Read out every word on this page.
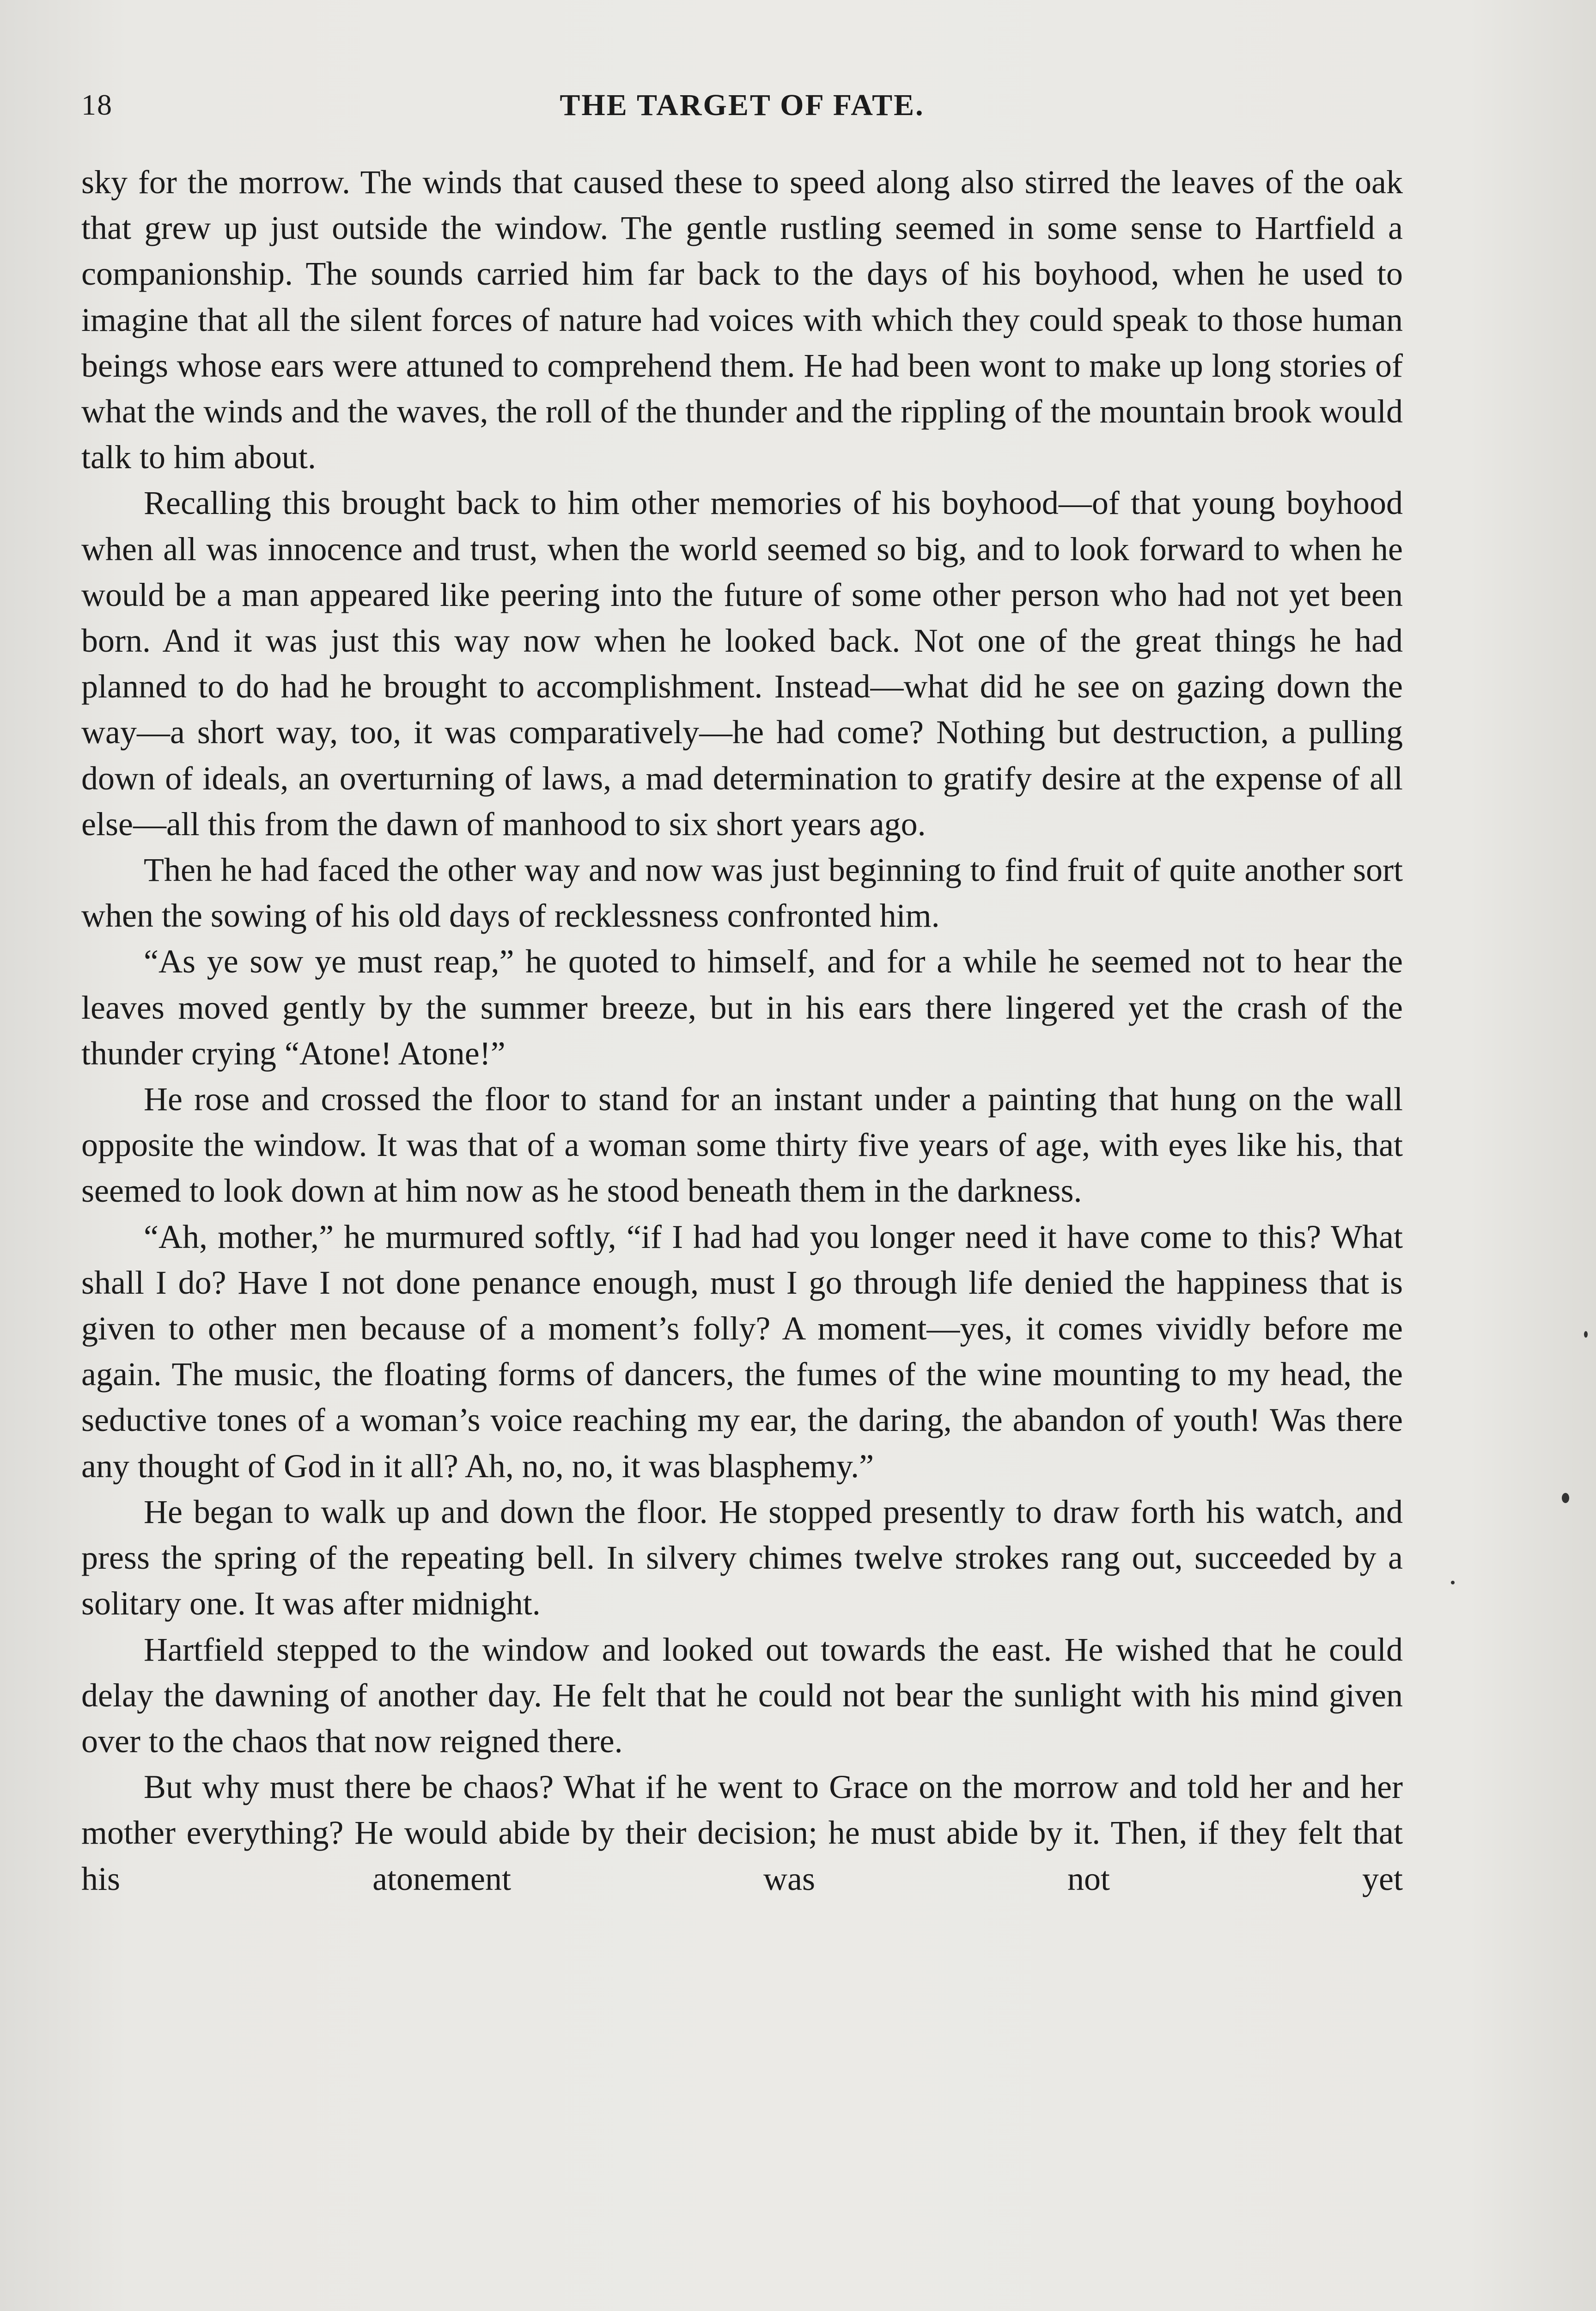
18	THE TARGET OF FATE.

sky for the morrow. The winds that caused these to speed along also stirred the leaves of the oak that grew up just outside the window. The gentle rustling seemed in some sense to Hartfield a companionship. The sounds carried him far back to the days of his boyhood, when he used to imagine that all the silent forces of nature had voices with which they could speak to those human beings whose ears were attuned to comprehend them. He had been wont to make up long stories of what the winds and the waves, the roll of the thunder and the rippling of the mountain brook would talk to him about.

Recalling this brought back to him other memories of his boyhood—of that young boyhood when all was innocence and trust, when the world seemed so big, and to look forward to when he would be a man appeared like peering into the future of some other person who had not yet been born. And it was just this way now when he looked back. Not one of the great things he had planned to do had he brought to accomplishment. Instead—what did he see on gazing down the way—a short way, too, it was comparatively—he had come? Nothing but destruction, a pulling down of ideals, an overturning of laws, a mad determination to gratify desire at the expense of all else—all this from the dawn of manhood to six short years ago.

Then he had faced the other way and now was just beginning to find fruit of quite another sort when the sowing of his old days of recklessness confronted him.

“As ye sow ye must reap,” he quoted to himself, and for a while he seemed not to hear the leaves moved gently by the summer breeze, but in his ears there lingered yet the crash of the thunder crying “Atone! Atone!”

He rose and crossed the floor to stand for an instant under a painting that hung on the wall opposite the window. It was that of a woman some thirty five years of age, with eyes like his, that seemed to look down at him now as he stood beneath them in the darkness.

“Ah, mother,” he murmured softly, “if I had had you longer need it have come to this? What shall I do? Have I not done penance enough, must I go through life denied the happiness that is given to other men because of a moment’s folly? A moment—yes, it comes vividly before me again. The music, the floating forms of dancers, the fumes of the wine mounting to my head, the seductive tones of a woman’s voice reaching my ear, the daring, the abandon of youth! Was there any thought of God in it all? Ah, no, no, it was blasphemy.”

He began to walk up and down the floor. He stopped presently to draw forth his watch, and press the spring of the repeating bell. In silvery chimes twelve strokes rang out, succeeded by a solitary one. It was after midnight.

Hartfield stepped to the window and looked out towards the east. He wished that he could delay the dawning of another day. He felt that he could not bear the sunlight with his mind given over to the chaos that now reigned there.

But why must there be chaos? What if he went to Grace on the morrow and told her and her mother everything? He would abide by their decision; he must abide by it. Then, if they felt that his atonement was not yet
